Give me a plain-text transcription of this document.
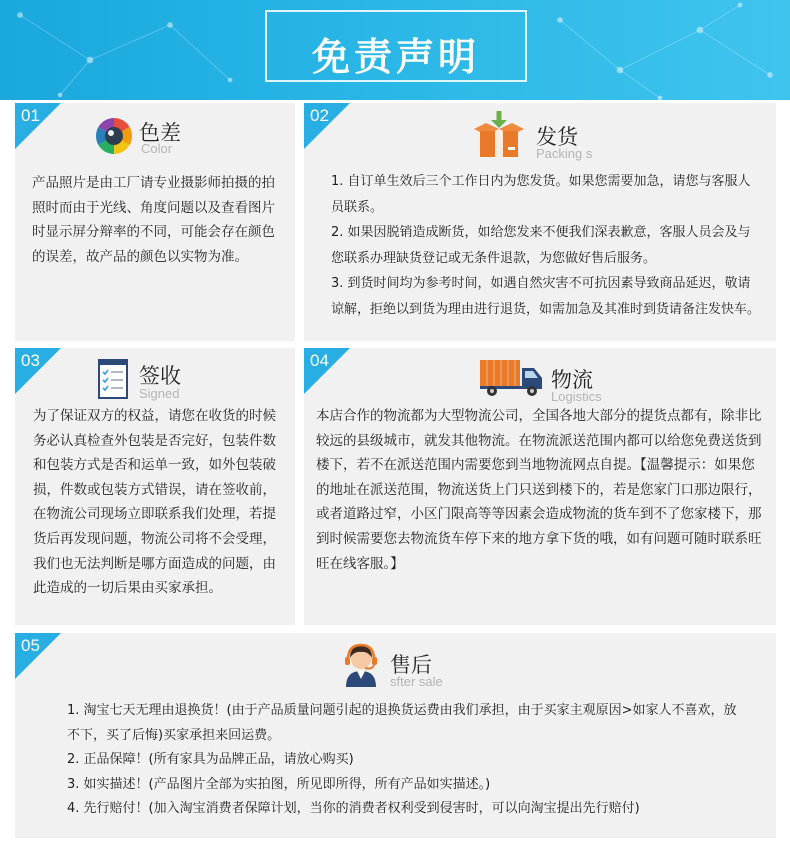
免责声明
01
色差
Color

产品照片是由工厂请专业摄影师拍摄的拍照时而由于光线、角度问题以及查看图片时显示屏分辩率的不同，可能会存在颜色的误差，故产品的颜色以实物为准。

02
发货
Packing s

1. 自订单生效后三个工作日内为您发货。如果您需要加急，请您与客服人员联系。

2. 如果因脱销造成断货，如给您发来不便我们深表歉意，客服人员会及与您联系办理缺货登记或无条件退款，为您做好售后服务。

3. 到货时间均为参考时间，如遇自然灾害不可抗因素导致商品延迟，敬请谅解，拒绝以到货为理由进行退货，如需加急及其准时到货请备注发快车。

03
签收
Signed

为了保证双方的权益，请您在收货的时候务必认真检查外包装是否完好，包装件数和包装方式是否和运单一致，如外包装破损，件数或包装方式错误，请在签收前，在物流公司现场立即联系我们处理，若提货后再发现问题，物流公司将不会受理，我们也无法判断是哪方面造成的问题，由此造成的一切后果由买家承担。

04
物流
Logistics

本店合作的物流都为大型物流公司，全国各地大部分的提货点都有，除非比较远的县级城市，就发其他物流。在物流派送范围内都可以给您免费送货到楼下，若不在派送范围内需要您到当地物流网点自提。【温馨提示：如果您的地址在派送范围，物流送货上门只送到楼下的，若是您家门口那边限行，或者道路过窄，小区门限高等等因素会造成物流的货车到不了您家楼下，那到时候需要您去物流货车停下来的地方拿下货的哦，如有问题可随时联系旺旺在线客服。】

05
售后
sfter sale

1. 淘宝七天无理由退换货！(由于产品质量问题引起的退换货运费由我们承担，由于买家主观原因>如家人不喜欢，放不下，买了后悔)买家承担来回运费。

2. 正品保障！(所有家具为品牌正品，请放心购买)

3. 如实描述！(产品图片全部为实拍图，所见即所得，所有产品如实描述。)

4. 先行赔付！(加入淘宝消费者保障计划，当你的消费者权利受到侵害时，可以向淘宝提出先行赔付)
